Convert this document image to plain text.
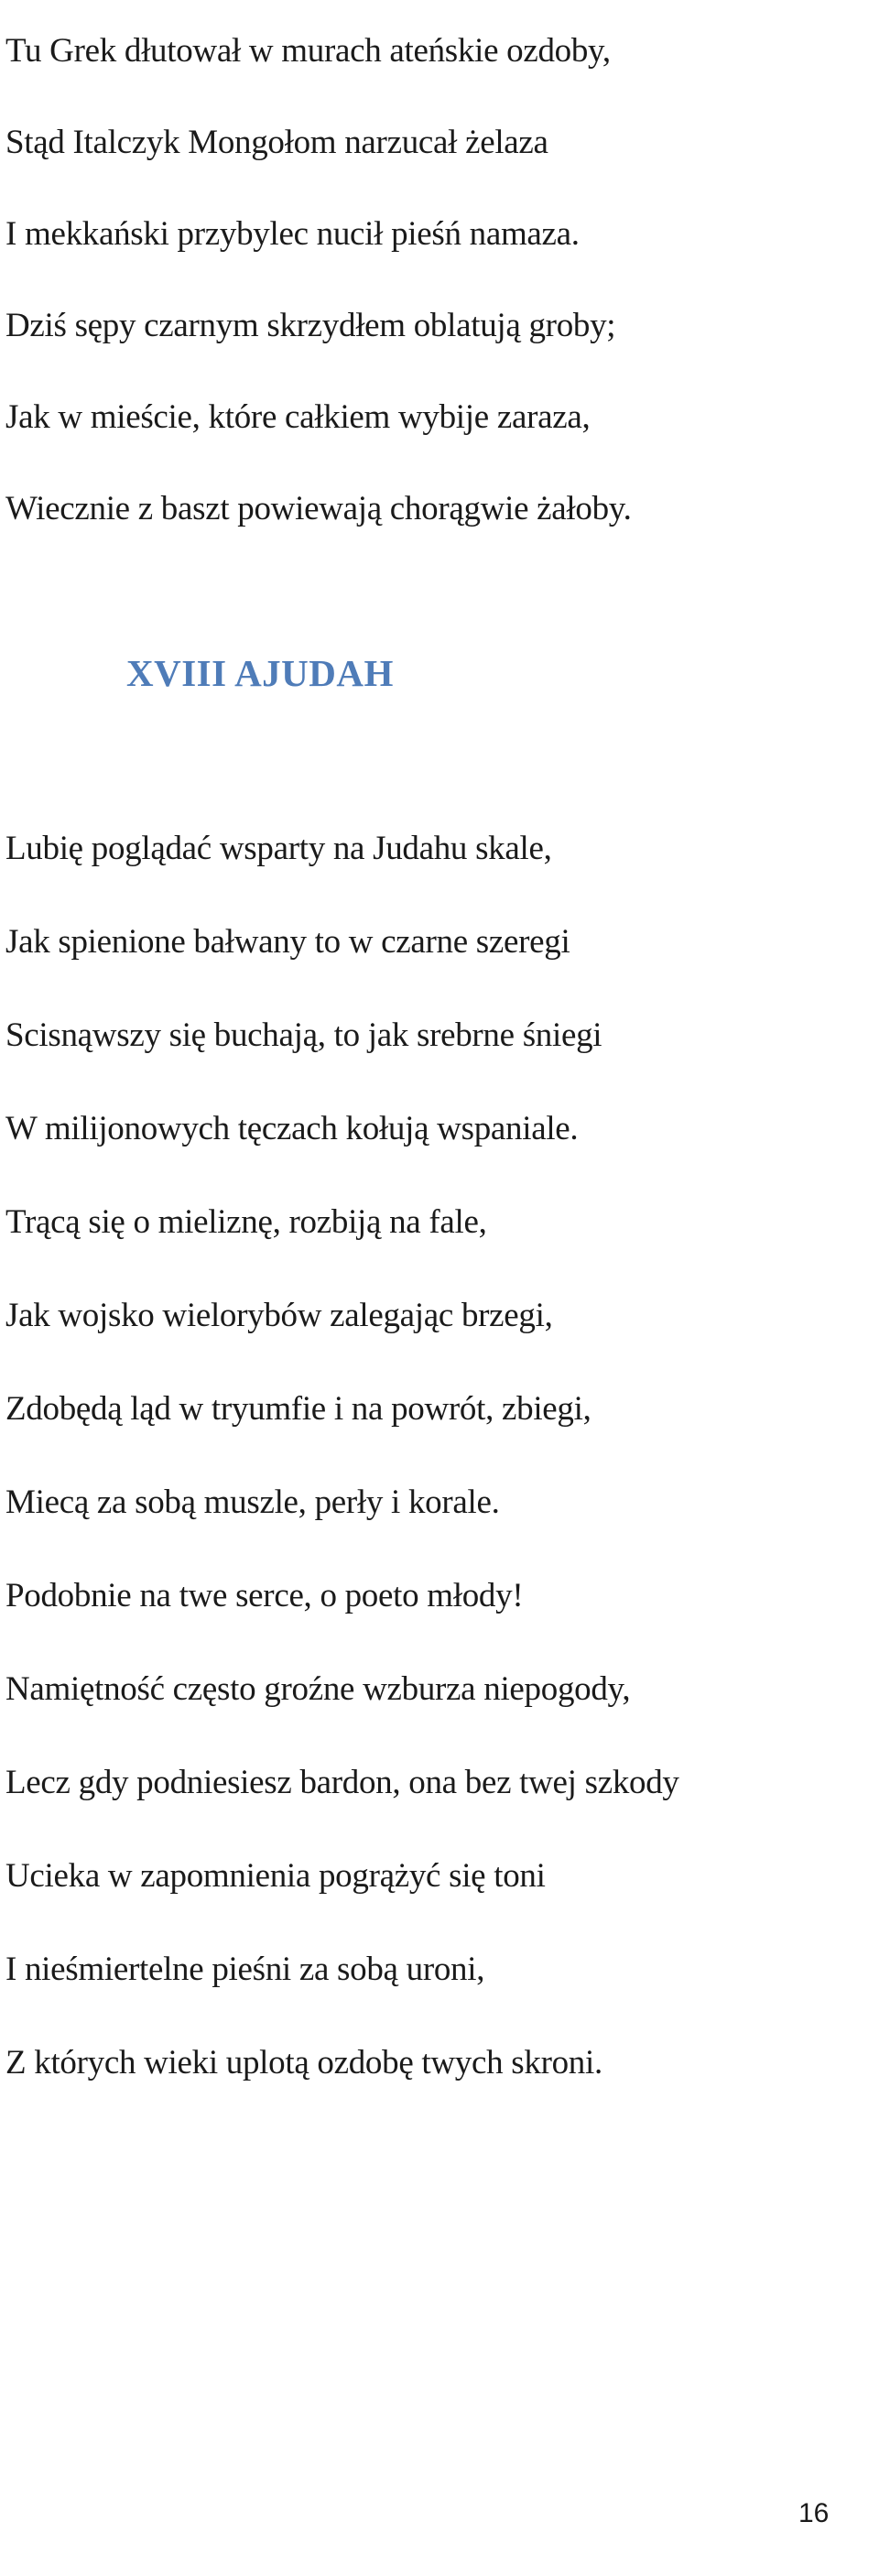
Tu Grek dłutował w murach ateńskie ozdoby,
Stąd Italczyk Mongołom narzucał żelaza
I mekkański przybylec nucił pieśń namaza.
Dziś sępy czarnym skrzydłem oblatują groby;
Jak w mieście, które całkiem wybije zaraza,
Wiecznie z baszt powiewają chorągwie żałoby.
XVIII AJUDAH
Lubię poglądać wsparty na Judahu skale,
Jak spienione bałwany to w czarne szeregi
Scisnąwszy się buchają, to jak srebrne śniegi
W milijonowych tęczach kołują wspaniale.
Trącą się o mieliznę, rozbiją na fale,
Jak wojsko wielorybów zalegając brzegi,
Zdobędą ląd w tryumfie i na powrót, zbiegi,
Miecą za sobą muszle, perły i korale.
Podobnie na twe serce, o poeto młody!
Namiętność często groźne wzburza niepogody,
Lecz gdy podniesiesz bardon, ona bez twej szkody
Ucieka w zapomnienia pogrążyć się toni
I nieśmiertelne pieśni za sobą uroni,
Z których wieki uplotą ozdobę twych skroni.
16
